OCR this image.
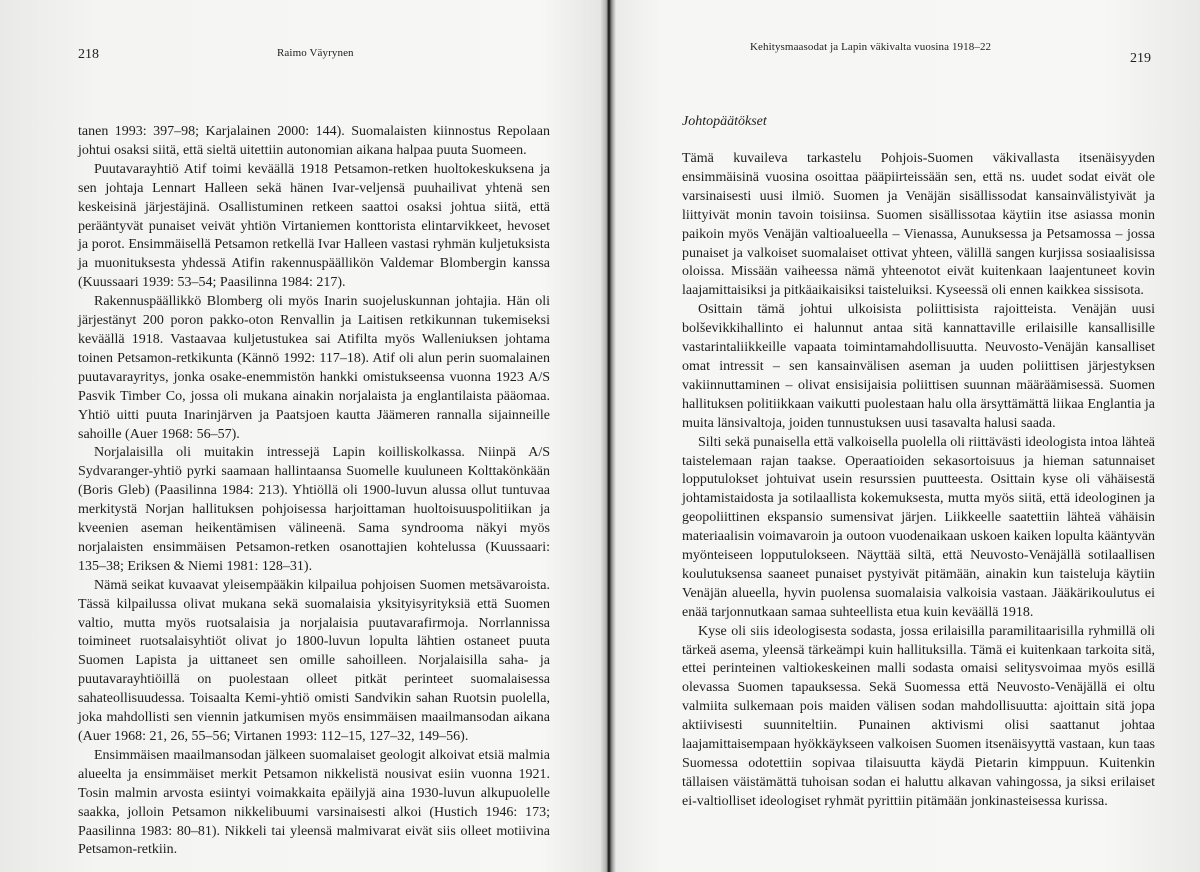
218	Raimo Väyrynen

tanen 1993: 397–98; Karjalainen 2000: 144). Suomalaisten kiinnostus Repolaan johtui osaksi siitä, että sieltä uitettiin autonomian aikana halpaa puuta Suomeen.

Puutavarayhtiö Atif toimi keväällä 1918 Petsamon-retken huoltokeskuksena ja sen johtaja Lennart Halleen sekä hänen Ivar-veljensä puuhailivat yhtenä sen keskeisinä järjestäjinä. Osallistuminen retkeen saattoi osaksi johtua siitä, että perääntyvät punaiset veivät yhtiön Virtaniemen konttorista elintarvikkeet, hevoset ja porot. Ensimmäisellä Petsamon retkellä Ivar Halleen vastasi ryhmän kuljetuksista ja muonituksesta yhdessä Atifin rakennuspäällikön Valdemar Blombergin kanssa (Kuussaari 1939: 53–54; Paasilinna 1984: 217).

Rakennuspäällikkö Blomberg oli myös Inarin suojeluskunnan johtajia. Hän oli järjestänyt 200 poron pakko-oton Renvallin ja Laitisen retkikunnan tukemiseksi keväällä 1918. Vastaavaa kuljetustukea sai Atifilta myös Walleniuksen johtama toinen Petsamon-retkikunta (Kännö 1992: 117–18). Atif oli alun perin suomalainen puutavarayritys, jonka osake-enemmistön hankki omistukseensa vuonna 1923 A/S Pasvik Timber Co, jossa oli mukana ainakin norjalaista ja englantilaista pääomaa. Yhtiö uitti puuta Inarinjärven ja Paatsjoen kautta Jäämeren rannalla sijainneille sahoille (Auer 1968: 56–57).

Norjalaisilla oli muitakin intressejä Lapin koilliskolkassa. Niinpä A/S Sydvaranger-yhtiö pyrki saamaan hallintaansa Suomelle kuuluneen Kolttakönkään (Boris Gleb) (Paasilinna 1984: 213). Yhtiöllä oli 1900-luvun alussa ollut tuntuvaa merkitystä Norjan hallituksen pohjoisessa harjoittaman huoltoisuuspolitiikan ja kveenien aseman heikentämisen välineenä. Sama syndrooma näkyi myös norjalaisten ensimmäisen Petsamon-retken osanottajien kohtelussa (Kuussaari: 135–38; Eriksen & Niemi 1981: 128–31).

Nämä seikat kuvaavat yleisempääkin kilpailua pohjoisen Suomen metsävaroista. Tässä kilpailussa olivat mukana sekä suomalaisia yksityisyrityksiä että Suomen valtio, mutta myös ruotsalaisia ja norjalaisia puutavarafirmoja. Norrlannissa toimineet ruotsalaisyhtiöt olivat jo 1800-luvun lopulta lähtien ostaneet puuta Suomen Lapista ja uittaneet sen omille sahoilleen. Norjalaisilla saha- ja puutavarayhtiöillä on puolestaan olleet pitkät perinteet suomalaisessa sahateollisuudessa. Toisaalta Kemi-yhtiö omisti Sandvikin sahan Ruotsin puolella, joka mahdollisti sen viennin jatkumisen myös ensimmäisen maailmansodan aikana (Auer 1968: 21, 26, 55–56; Virtanen 1993: 112–15, 127–32, 149–56).

Ensimmäisen maailmansodan jälkeen suomalaiset geologit alkoivat etsiä malmia alueelta ja ensimmäiset merkit Petsamon nikkelistä nousivat esiin vuonna 1921. Tosin malmin arvosta esiintyi voimakkaita epäilyjä aina 1930-luvun alkupuolelle saakka, jolloin Petsamon nikkelibuumi varsinaisesti alkoi (Hustich 1946: 173; Paasilinna 1983: 80–81). Nikkeli tai yleensä malmivarat eivät siis olleet motiivina Petsamon-retkiin.

Kehitysmaasodat ja Lapin väkivalta vuosina 1918–22
219
Johtopäätökset

Tämä kuvaileva tarkastelu Pohjois-Suomen väkivallasta itsenäisyyden ensimmäisinä vuosina osoittaa pääpiirteissään sen, että ns. uudet sodat eivät ole varsinaisesti uusi ilmiö. Suomen ja Venäjän sisällissodat kansainvälistyivät ja liittyivät monin tavoin toisiinsa. Suomen sisällissotaa käytiin itse asiassa monin paikoin myös Venäjän valtioalueella – Vienassa, Aunuksessa ja Petsamossa – jossa punaiset ja valkoiset suomalaiset ottivat yhteen, välillä sangen kurjissa sosiaalisissa oloissa. Missään vaiheessa nämä yhteenotot eivät kuitenkaan laajentuneet kovin laajamittaisiksi ja pitkäaikaisiksi taisteluiksi. Kyseessä oli ennen kaikkea sissisota.

Osittain tämä johtui ulkoisista poliittisista rajoitteista. Venäjän uusi bolševikkihallinto ei halunnut antaa sitä kannattaville erilaisille kansallisille vastarintaliikkeille vapaata toimintamahdollisuutta. Neuvosto-Venäjän kansalliset omat intressit – sen kansainvälisen aseman ja uuden poliittisen järjestyksen vakiinnuttaminen – olivat ensisijaisia poliittisen suunnan määräämisessä. Suomen hallituksen politiikkaan vaikutti puolestaan halu olla ärsyttämättä liikaa Englantia ja muita länsivaltoja, joiden tunnustuksen uusi tasavalta halusi saada.

Silti sekä punaisella että valkoisella puolella oli riittävästi ideologista intoa lähteä taistelemaan rajan taakse. Operaatioiden sekasortoisuus ja hieman satunnaiset lopputulokset johtuivat usein resurssien puutteesta. Osittain kyse oli vähäisestä johtamistaidosta ja sotilaallista kokemuksesta, mutta myös siitä, että ideologinen ja geopoliittinen ekspansio sumensivat järjen. Liikkeelle saatettiin lähteä vähäisin materiaalisin voimavaroin ja outoon vuodenaikaan uskoen kaiken lopulta kääntyvän myönteiseen lopputulokseen. Näyttää siltä, että Neuvosto-Venäjällä sotilaallisen koulutuksensa saaneet punaiset pystyivät pitämään, ainakin kun taisteluja käytiin Venäjän alueella, hyvin puolensa suomalaisia valkoisia vastaan. Jääkärikoulutus ei enää tarjonnutkaan samaa suhteellista etua kuin keväällä 1918.

Kyse oli siis ideologisesta sodasta, jossa erilaisilla paramilitaarisilla ryhmillä oli tärkeä asema, yleensä tärkeämpi kuin hallituksilla. Tämä ei kuitenkaan tarkoita sitä, ettei perinteinen valtiokeskeinen malli sodasta omaisi selitysvoimaa myös esillä olevassa Suomen tapauksessa. Sekä Suomessa että Neuvosto-Venäjällä ei oltu valmiita sulkemaan pois maiden välisen sodan mahdollisuutta: ajoittain sitä jopa aktiivisesti suunniteltiin. Punainen aktivismi olisi saattanut johtaa laajamittaisempaan hyökkäykseen valkoisen Suomen itsenäisyyttä vastaan, kun taas Suomessa odotettiin sopivaa tilaisuutta käydä Pietarin kimppuun. Kuitenkin tällaisen väistämättä tuhoisan sodan ei haluttu alkavan vahingossa, ja siksi erilaiset ei-valtiolliset ideologiset ryhmät pyrittiin pitämään jonkinasteisessa kurissa.
